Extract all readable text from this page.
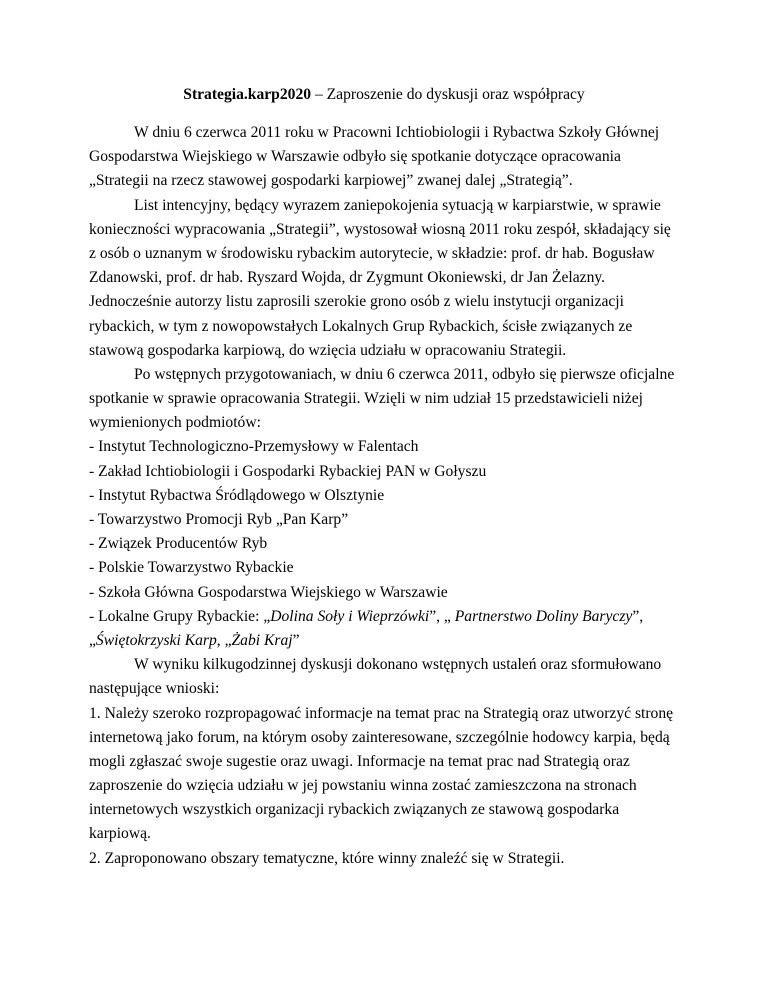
Strategia.karp2020 – Zaproszenie do dyskusji oraz współpracy
W dniu 6 czerwca 2011 roku w Pracowni Ichtiobiologii i Rybactwa Szkoły Głównej
Gospodarstwa Wiejskiego w Warszawie odbyło się spotkanie dotyczące opracowania
„Strategii na rzecz stawowej gospodarki karpiowej” zwanej dalej „Strategią”.
List intencyjny, będący wyrazem zaniepokojenia sytuacją w karpiarstwie, w sprawie
konieczności wypracowania „Strategii”, wystosował wiosną 2011 roku zespół, składający się
z osób o uznanym w środowisku rybackim autorytecie, w składzie: prof. dr hab. Bogusław
Zdanowski, prof. dr hab. Ryszard Wojda, dr Zygmunt Okoniewski, dr Jan Żelazny.
Jednocześnie autorzy listu zaprosili szerokie grono osób z wielu instytucji organizacji
rybackich, w tym z nowopowstałych Lokalnych Grup Rybackich, ścisłe związanych ze
stawową gospodarka karpiową, do wzięcia udziału w opracowaniu Strategii.
Po wstępnych przygotowaniach, w dniu 6 czerwca 2011, odbyło się pierwsze oficjalne
spotkanie w sprawie opracowania Strategii. Wzięli w nim udział 15 przedstawicieli niżej
wymienionych podmiotów:
- Instytut Technologiczno-Przemysłowy w Falentach
- Zakład Ichtiobiologii i Gospodarki Rybackiej PAN w Gołyszu
- Instytut Rybactwa Śródlądowego w Olsztynie
- Towarzystwo Promocji Ryb „Pan Karp”
- Związek Producentów Ryb
- Polskie Towarzystwo Rybackie
- Szkoła Główna Gospodarstwa Wiejskiego w Warszawie
- Lokalne Grupy Rybackie: „Dolina Soły i Wieprzówki”, „ Partnerstwo Doliny Baryczy”,
„Świętokrzyski Karp, „Żabi Kraj”
W wyniku kilkugodzinnej dyskusji dokonano wstępnych ustaleń oraz sformułowano
następujące wnioski:
1. Należy szeroko rozpropagować informacje na temat prac na Strategią oraz utworzyć stronę
internetową jako forum, na którym osoby zainteresowane, szczególnie hodowcy karpia, będą
mogli zgłaszać swoje sugestie oraz uwagi. Informacje na temat prac nad Strategią oraz
zaproszenie do wzięcia udziału w jej powstaniu winna zostać zamieszczona na stronach
internetowych wszystkich organizacji rybackich związanych ze stawową gospodarka
karpiową.
2. Zaproponowano obszary tematyczne, które winny znaleźć się w Strategii.
